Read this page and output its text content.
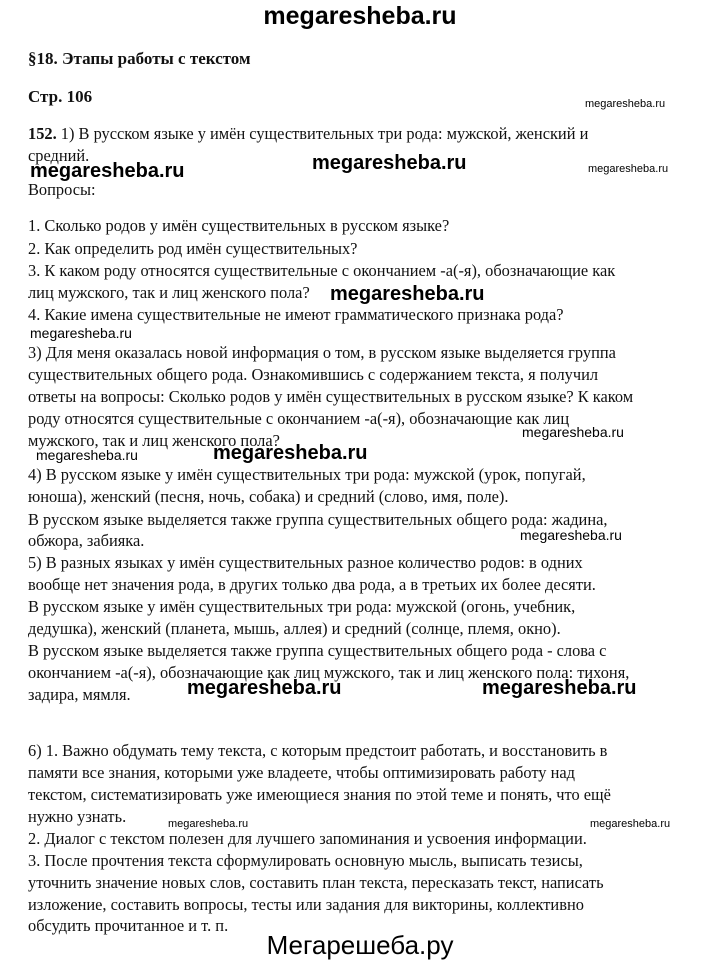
megaresheba.ru
§18. Этапы работы с текстом
Стр. 106
152. 1) В русском языке у имён существительных три рода: мужской, женский и
средний.
Вопросы:
1. Сколько родов у имён существительных в русском языке?
2. Как определить род имён существительных?
3. К каком роду относятся существительные с окончанием -а(-я), обозначающие как
лиц мужского, так и лиц женского пола?
4. Какие имена существительные не имеют грамматического признака рода?
3) Для меня оказалась новой информация о том, в русском языке выделяется группа
существительных общего рода. Ознакомившись с содержанием текста, я получил
ответы на вопросы: Сколько родов у имён существительных в русском языке? К каком
роду относятся существительные с окончанием -а(-я), обозначающие как лиц
мужского, так и лиц женского пола?
4) В русском языке у имён существительных три рода: мужской (урок, попугай,
юноша), женский (песня, ночь, собака) и средний (слово, имя, поле).
В русском языке выделяется также группа существительных общего рода: жадина,
обжора, забияка.
5) В разных языках у имён существительных разное количество родов: в одних
вообще нет значения рода, в других только два рода, а в третьих их более десяти.
В русском языке у имён существительных три рода: мужской (огонь, учебник,
дедушка), женский (планета, мышь, аллея) и средний (солнце, племя, окно).
В русском языке выделяется также группа существительных общего рода - слова с
окончанием -а(-я), обозначающие как лиц мужского, так и лиц женского пола: тихоня,
задира, мямля.
6) 1. Важно обдумать тему текста, с которым предстоит работать, и восстановить в
памяти все знания, которыми уже владеете, чтобы оптимизировать работу над
текстом, систематизировать уже имеющиеся знания по этой теме и понять, что ещё
нужно узнать.
2. Диалог с текстом полезен для лучшего запоминания и усвоения информации.
3. После прочтения текста сформулировать основную мысль, выписать тезисы,
уточнить значение новых слов, составить план текста, пересказать текст, написать
изложение, составить вопросы, тесты или задания для викторины, коллективно
обсудить прочитанное и т. п.
megaresheba.ru
megaresheba.ru	megaresheba.ru	megaresheba.ru
megaresheba.ru
megaresheba.ru
megaresheba.ru
megaresheba.ru
megaresheba.ru
megaresheba.ru
megaresheba.ru	megaresheba.ru
megaresheba.ru	megaresheba.ru
Мегарешеба.ру
